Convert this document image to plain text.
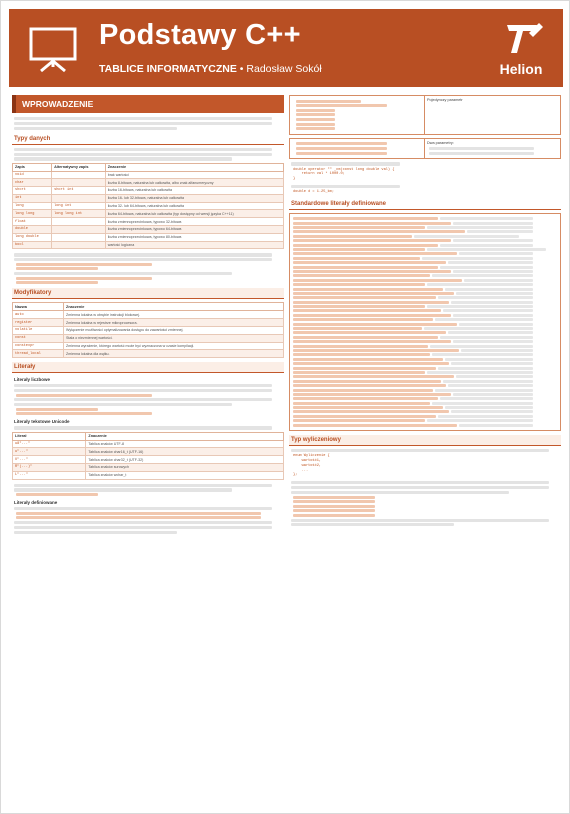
Podstawy C++
TABLICE INFORMATYCZNE • Radosław Sokół	Helion
WPROWADZENIE
Typy danych
Zapis	Alternatywny zapis	Znaczenie
void		brak wartości
char		liczba 8-bitowa, naturalna lub całkowita, albo znak alfanumeryczny
short	short int	liczba 16-bitowa, naturalna lub całkowita
int		liczba 16- lub 32-bitowa, naturalna lub całkowita
long	long int	liczba 32- lub 64-bitowa, naturalna lub całkowita
long long	long long int	liczba 64-bitowa, naturalna lub całkowita (typ dostępny od wersji języka C++11)
float		liczba zmiennoprzecinkowa, typowo 32-bitowa
double		liczba zmiennoprzecinkowa, typowo 64-bitowa
long double		liczba zmiennoprzecinkowa, typowo 80-bitowa
bool		wartość logiczna
Modyfikatory
Nazwa	Znaczenie
auto	Zmienna lokalna w obrębie instrukcji blokowej.
register	Zmienna lokalna w rejestrze mikroprocesora.
volatile	Wyłączenie możliwości optymalizowania dostępu do zawartości zmiennej.
const	Stała o niezmiennej wartości.
constexpr	Zmienna wyrażenie, którego wartość może być wyznaczona w czasie kompilacji.
thread_local	Zmienna lokalna dla wątku.
Literały
Literały liczbowe
Literały tekstowe Unicode
Literał	Znaczenie
u8"..."	Tablica znaków UTF-8
u"..."	Tablica znaków char16_t (UTF-16)
U"..."	Tablica znaków char32_t (UTF-32)
R"(...)"	Tablica znaków surowych
L"..."	Tablica znaków wchar_t
Literały definiowane
Pojedynczy parametr
Dwa parametry:
double operator "" _cm(const long double val) {
return val * 1000.0;
}
double d = 1.25_km;
Standardowe literały definiowane
Typ wyliczeniowy
enum Wyliczenie {
wartość1,
wartość2,
...
};
